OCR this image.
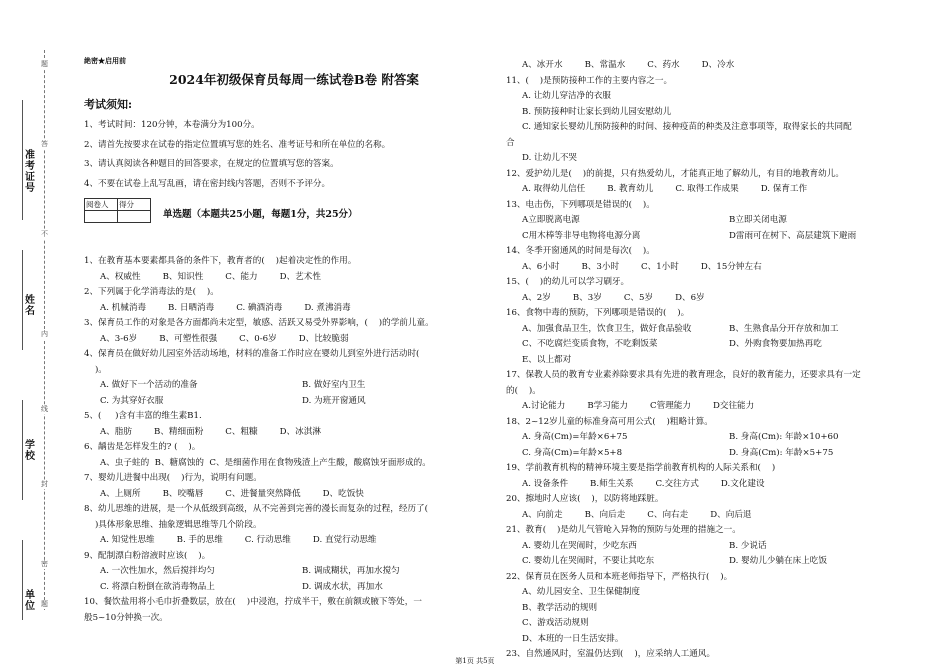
准考证号
姓名
学校
单位
题
答
不
内
线
封
密
题
絶密★启用前
2024年初级保育员每周一练试卷B卷 附答案
考试须知:
1、考试时间：120分钟，本卷满分为100分。
2、请首先按要求在试卷的指定位置填写您的姓名、准考证号和所在单位的名称。
3、请认真阅读各种题目的回答要求，在规定的位置填写您的答案。
4、不要在试卷上乱写乱画，请在密封线内答题，否则不予评分。
阅卷人	得分

单选题（本题共25小题，每题1分，共25分）
1、在教育基本要素都具备的条件下，教育者的(    )起着决定性的作用。
A、权威性	B、知识性	C、能力	D、艺术性
2、下列属于化学消毒法的是(    )。
A. 机械消毒	B. 日晒消毒	C. 碘酒消毒	D. 煮沸消毒
3、保育员工作的对象是各方面都尚未定型，敏感、活跃又易受外界影响，(    )的学前儿童。
A、3-6岁	B、可塑性很强	C、0-6岁	D、比较脆弱
4、保育员在做好幼儿园室外活动场地，材料的准备工作时应在婴幼儿到室外进行活动时(
)。
A. 做好下一个活动的准备	B. 做好室内卫生
C. 为其穿好衣服	D. 为班开窗通风
5、(     )含有丰富的维生素B1.
A、脂肪	B、精细面粉	C、粗糠	D、冰淇淋
6、龋齿是怎样发生的? (    )。
A、虫子蛀的  B、糖腐蚀的  C、是细菌作用在食物残渣上产生酸，酸腐蚀牙面形成的。
7、婴幼儿进餐中出现(    )行为，说明有问题。
A、上厕所	B、咬嘴唇	C、进餐量突然降低	D、吃饭快
8、幼儿思维的进展，是一个从低级到高级，从不完善到完善的漫长而复杂的过程，经历了(
)具体形象思维、抽象逻辑思维等几个阶段。
A. 知觉性思维	B. 手的思维	C. 行动思维	D. 直觉行动思维
9、配制漂白粉溶液时应该(    )。
A. 一次性加水，然后搅拌均匀	B. 调成糊状，再加水搅匀
C. 将漂白粉倒在欲消毒物品上	D. 调成水状，再加水
10、餐饮盐用将小毛巾折叠数层，放在(    )中浸泡，拧成半干，敷在前额或腋下等处，一
般5~10分钟换一次。
A、冰开水	B、常温水	C、药水	D、冷水
11、(    )是预防接种工作的主要内容之一。
A. 让幼儿穿洁净的衣服
B. 预防接种时让家长到幼儿园安慰幼儿
C. 通知家长婴幼儿预防接种的时间、接种疫苗的种类及注意事项等，取得家长的共同配
合
D. 让幼儿不哭
12、爱护幼儿是(    )的前提，只有热爱幼儿，才能真正地了解幼儿，有目的地教育幼儿。
A. 取得幼儿信任	B. 教育幼儿	C. 取得工作成果	D. 保育工作
13、电击伤，下列哪项是错误的(    )。
A立即脱离电源	B立即关闭电源
C用木棒等非导电物将电源分离	D雷雨可在树下、高层建筑下避雨
14、冬季开窗通风的时间是每次(    )。
A、6小时	B、3小时	C、1小时	D、15分钟左右
15、(    )的幼儿可以学习刷牙。
A、2岁	B、3岁	C、5岁	D、6岁
16、食物中毒的预防，下列哪项是错误的(    )。
A、加强食品卫生，饮食卫生，做好食品验收	B、生熟食品分开存放和加工
C、不吃腐烂变质食物，不吃剩饭菜	D、外购食物要加热再吃
E、以上都对
17、保教人员的教育专业素养除要求具有先进的教育理念，良好的教育能力，还要求具有一定
的(    )。
A.讨论能力	B学习能力	C管理能力	D交往能力
18、2~12岁儿童的标准身高可用公式(    )粗略计算。
A. 身高(Cm)=年龄×6+75	B. 身高(Cm): 年龄×10+60
C. 身高(Cm)=年龄×5+8	D. 身高(Cm): 年龄×5+75
19、学前教育机构的精神环境主要是指学前教育机构的人际关系和(    )
A. 设备条件	B.师生关系	C.交往方式	D.文化建设
20、擦地时人应该(    )，以防将地踩脏。
A、向前走	B、向后走	C、向右走	D、向后退
21、教育(    )是幼儿气管呛入异物的预防与处理的措施之一。
A. 婴幼儿在哭闹时，少吃东西	B. 少说话
C. 婴幼儿在哭闹时，不要让其吃东	D. 婴幼儿少躺在床上吃饭
22、保育员在医务人员和本班老师指导下，严格执行(    )。
A、幼儿园安全、卫生保健制度
B、教学活动的规则
C、游戏活动规则
D、本班的一日生活安排。
23、自然通风时，室温仍达到(    )，应采纳人工通风。
第1页 共5页
